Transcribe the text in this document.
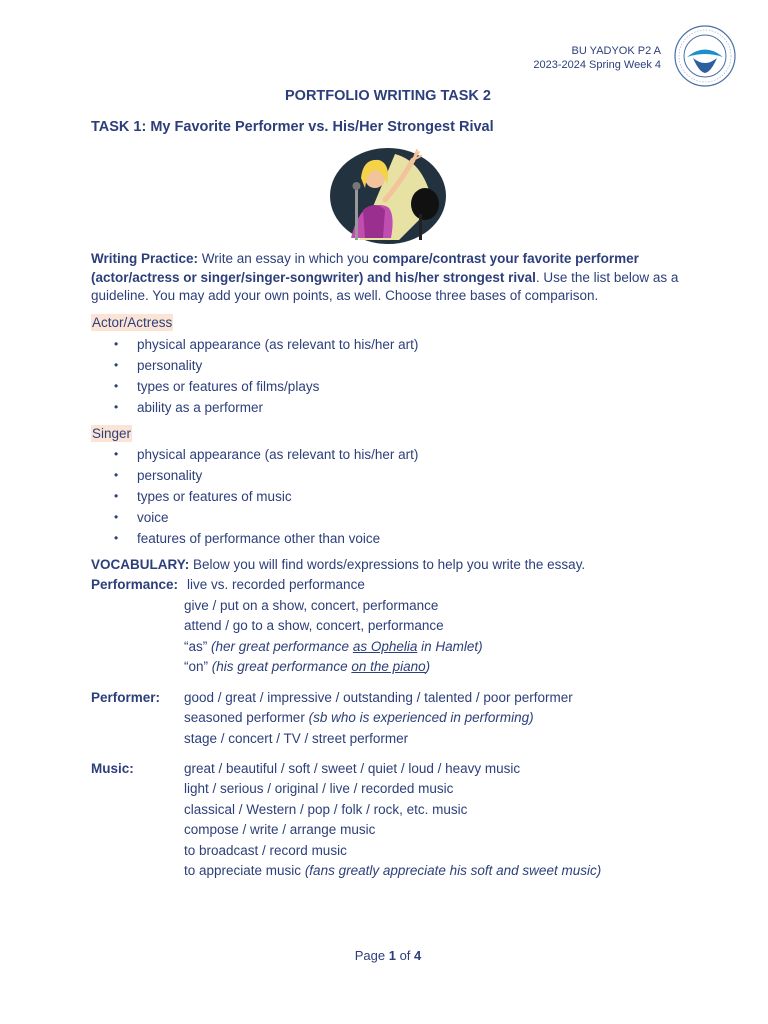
BU YADYOK P2 A
2023-2024 Spring Week 4
PORTFOLIO WRITING TASK 2
TASK 1: My Favorite Performer vs. His/Her Strongest Rival
Writing Practice: Write an essay in which you compare/contrast your favorite performer (actor/actress or singer/singer-songwriter) and his/her strongest rival. Use the list below as a guideline. You may add your own points, as well. Choose three bases of comparison.
Actor/Actress
• physical appearance (as relevant to his/her art)
• personality
• types or features of films/plays
• ability as a performer
Singer
• physical appearance (as relevant to his/her art)
• personality
• types or features of music
• voice
• features of performance other than voice
VOCABULARY: Below you will find words/expressions to help you write the essay.
Performance: live vs. recorded performance
give / put on a show, concert, performance
attend / go to a show, concert, performance
“as” (her great performance as Ophelia in Hamlet)
“on” (his great performance on the piano)
Performer: good / great / impressive / outstanding / talented / poor performer
seasoned performer (sb who is experienced in performing)
stage / concert / TV / street performer
Music:	great / beautiful / soft / sweet / quiet / loud / heavy music
light / serious / original / live / recorded music
classical / Western / pop / folk / rock, etc. music
compose / write / arrange music
to broadcast / record music
to appreciate music (fans greatly appreciate his soft and sweet music)
Page 1 of 4
